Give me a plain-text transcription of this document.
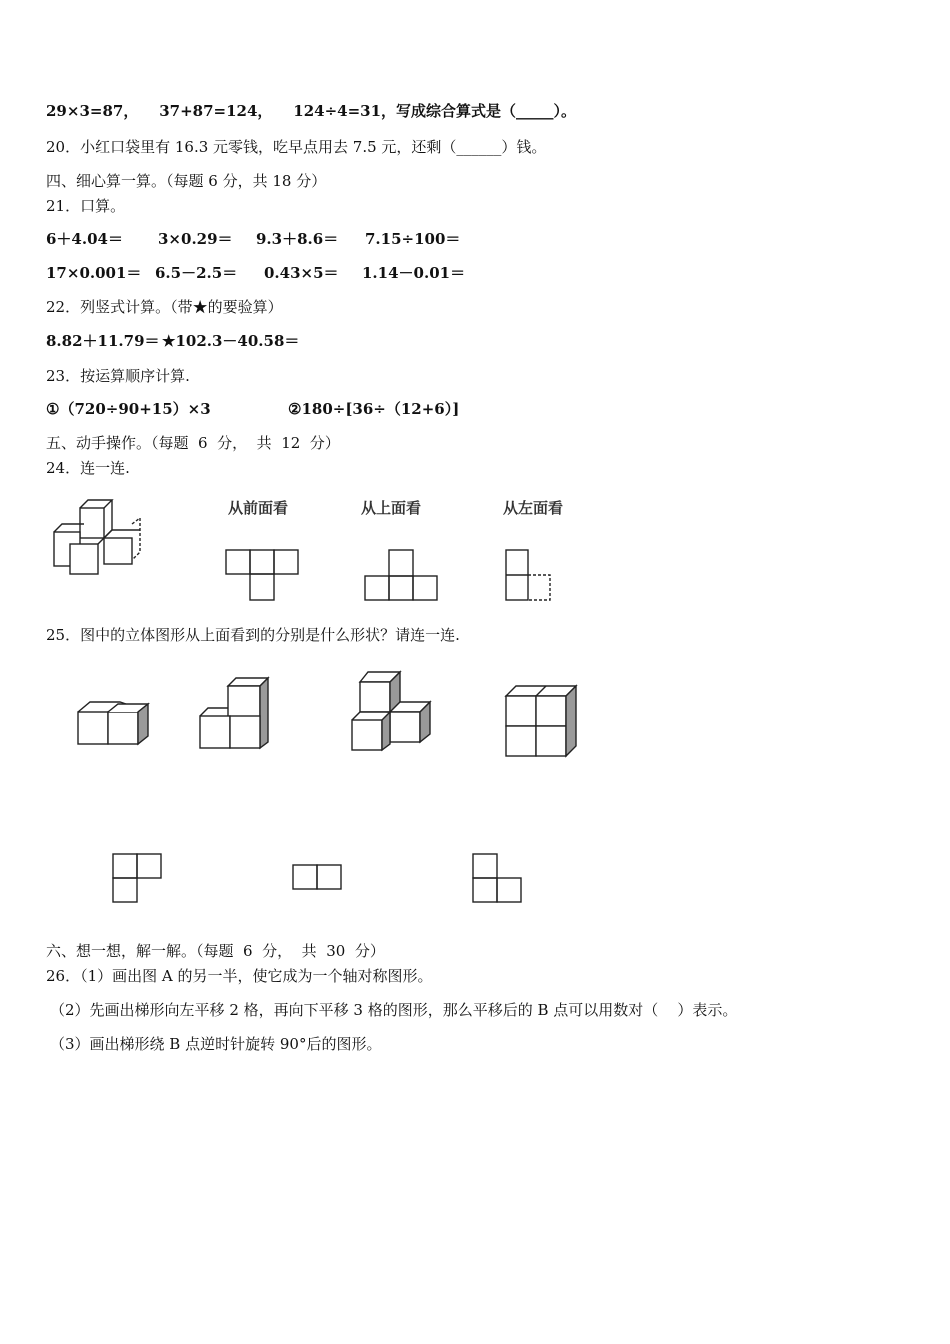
29×3=87，    37+87=124，    124÷4=31，写成综合算式是（_____）。
20．小红口袋里有 16.3 元零钱，吃早点用去 7.5 元，还剩（______）钱。
四、细心算一算。（每题 6 分，共 18 分）
21．口算。
6＋4.04＝ 3×0.29＝ 9.3＋8.6＝ 7.15÷100＝
17×0.001＝ 6.5－2.5＝ 0.43×5＝ 1.14－0.01＝
22．列竖式计算。（带★的要验算）
8.82＋11.79＝ ★102.3－40.58＝
23．按运算顺序计算.
①（720÷90+15）×3	②180÷[36÷（12+6）]
五、动手操作。（每题  6  分，  共  12  分）
24．连一连.
从前面看	从上面看	从左面看
25．图中的立体图形从上面看到的分别是什么形状？请连一连.
六、想一想，解一解。（每题  6  分，  共  30  分）
26．（1）画出图 A 的另一半，使它成为一个轴对称图形。
（2）先画出梯形向左平移 2 格，再向下平移 3 格的图形，那么平移后的 B 点可以用数对（    ）表示。
（3）画出梯形绕 B 点逆时针旋转 90°后的图形。
